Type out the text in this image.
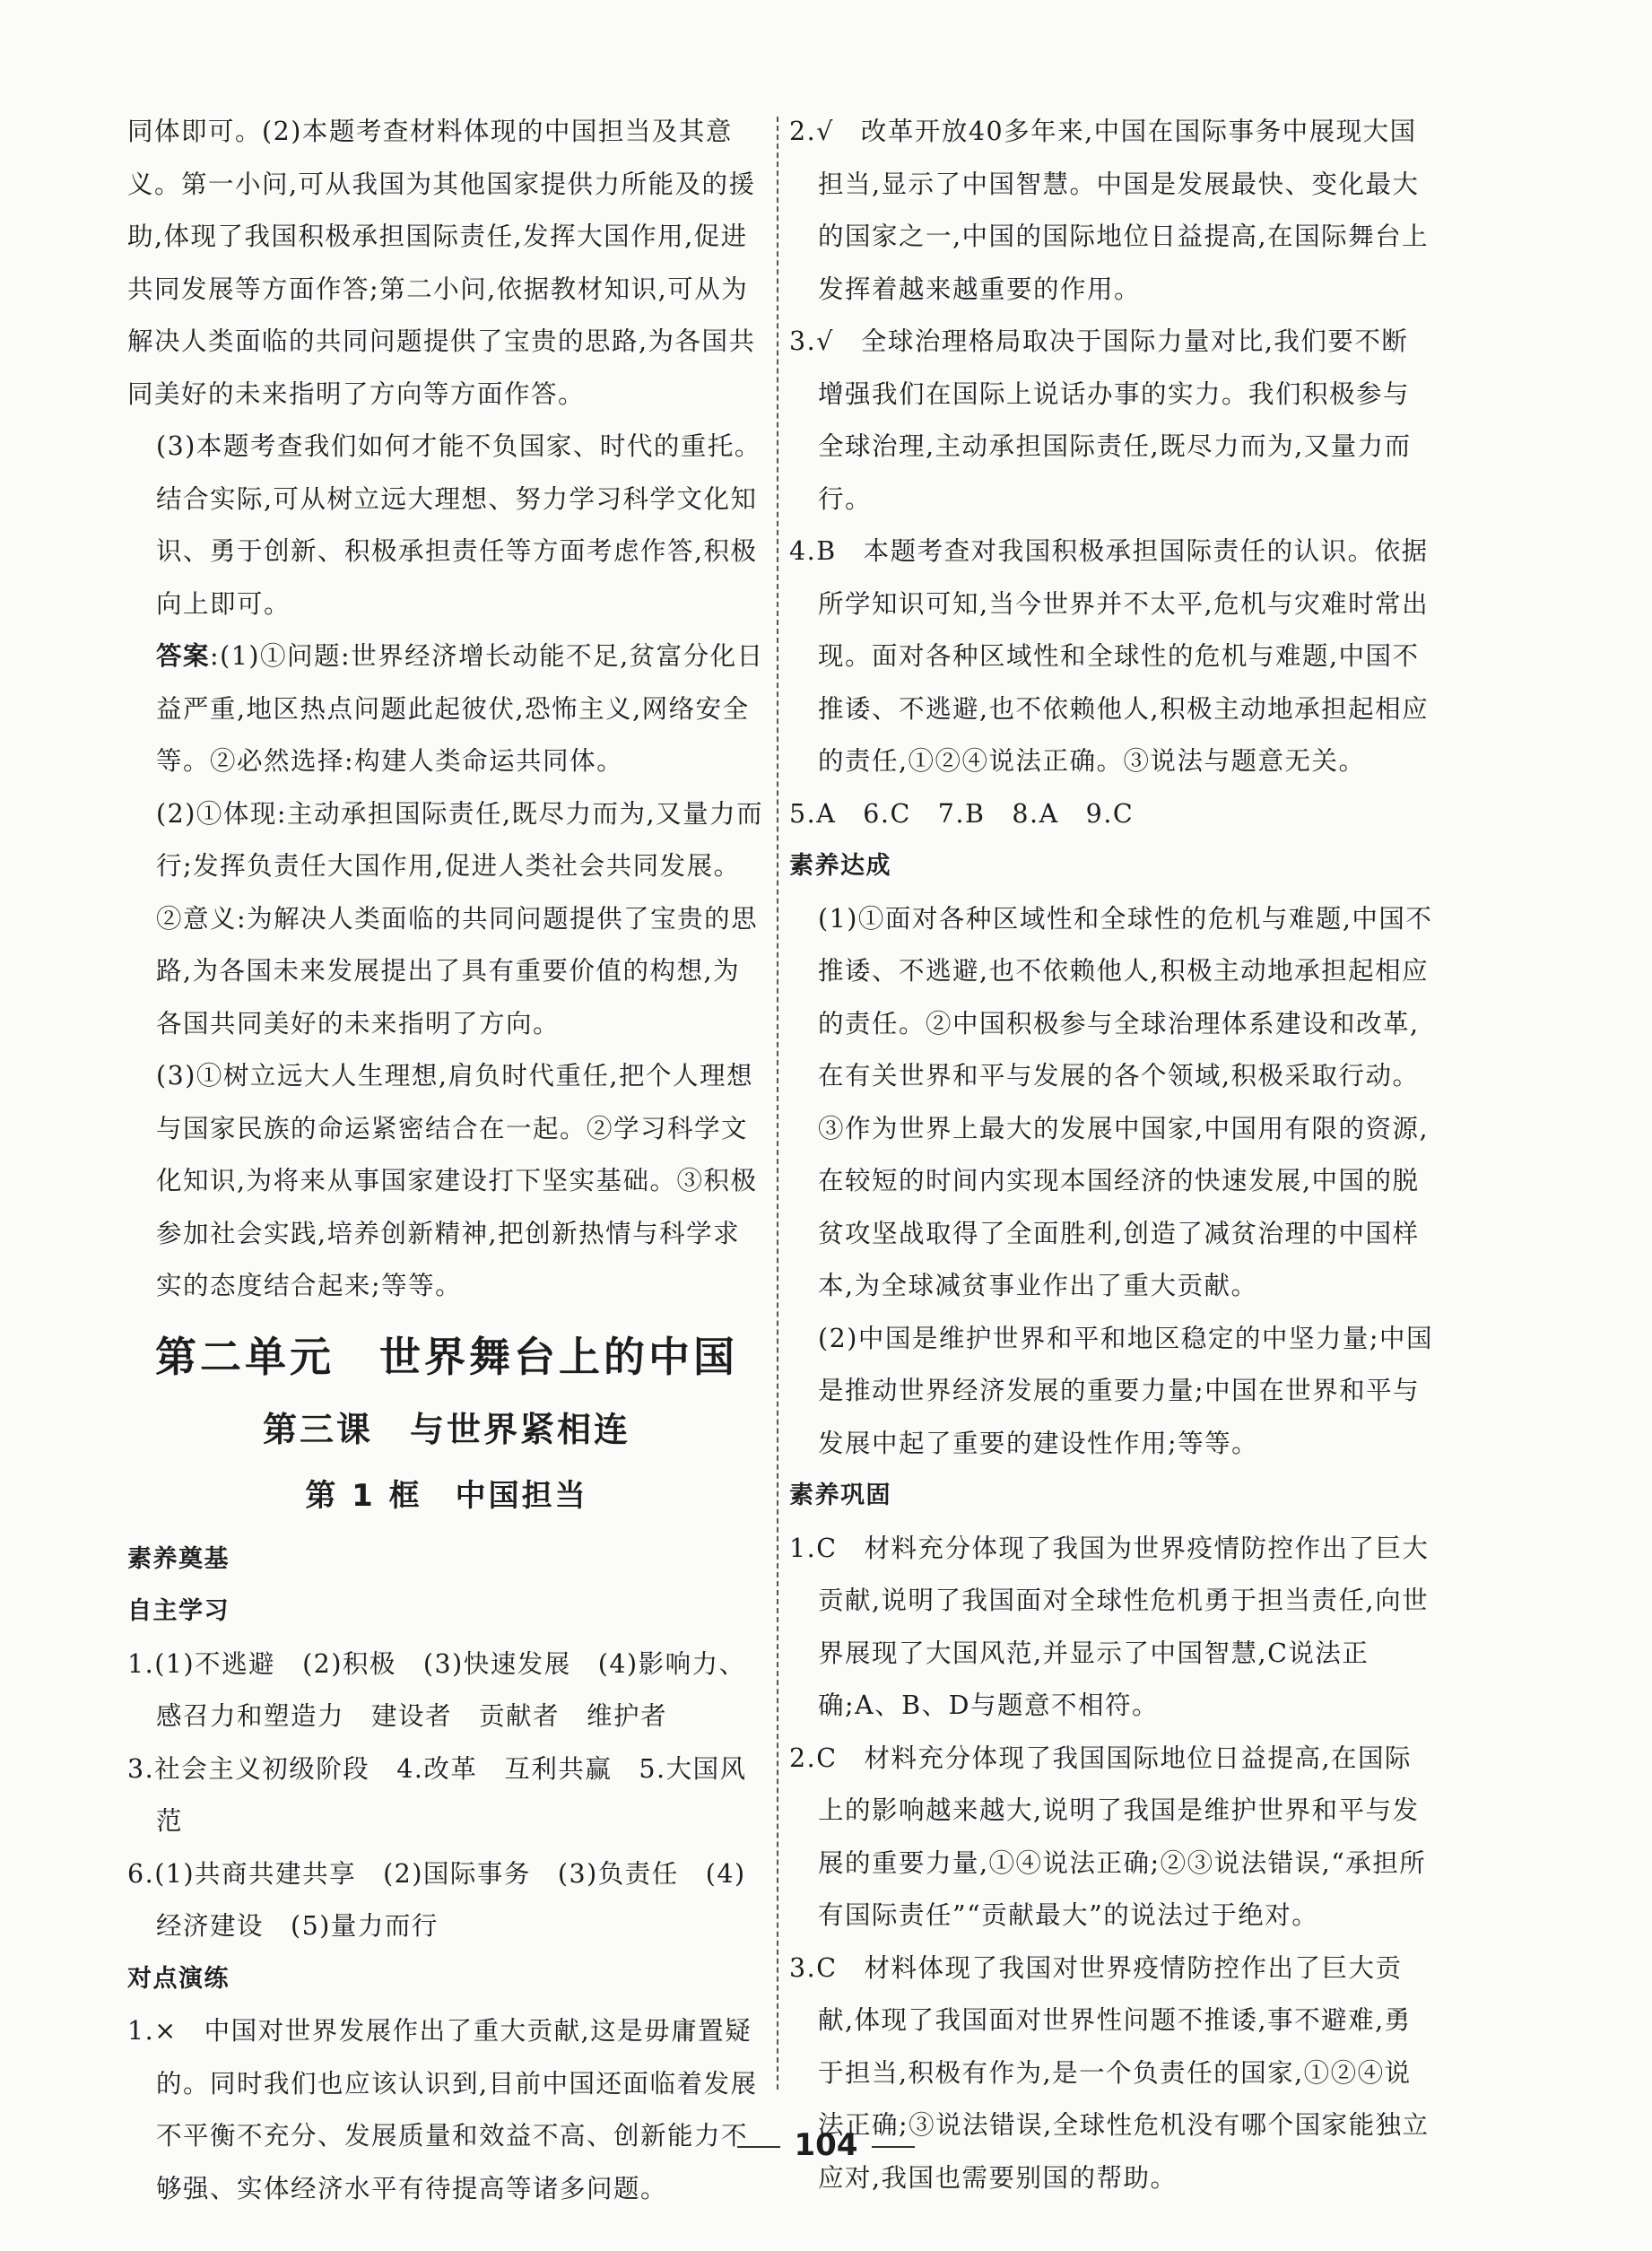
同体即可。(2)本题考查材料体现的中国担当及其意义。第一小问,可从我国为其他国家提供力所能及的援助,体现了我国积极承担国际责任,发挥大国作用,促进共同发展等方面作答;第二小问,依据教材知识,可从为解决人类面临的共同问题提供了宝贵的思路,为各国共同美好的未来指明了方向等方面作答。

(3)本题考查我们如何才能不负国家、时代的重托。结合实际,可从树立远大理想、努力学习科学文化知识、勇于创新、积极承担责任等方面考虑作答,积极向上即可。

答案:(1)①问题:世界经济增长动能不足,贫富分化日益严重,地区热点问题此起彼伏,恐怖主义,网络安全等。②必然选择:构建人类命运共同体。

(2)①体现:主动承担国际责任,既尽力而为,又量力而行;发挥负责任大国作用,促进人类社会共同发展。②意义:为解决人类面临的共同问题提供了宝贵的思路,为各国未来发展提出了具有重要价值的构想,为各国共同美好的未来指明了方向。

(3)①树立远大人生理想,肩负时代重任,把个人理想与国家民族的命运紧密结合在一起。②学习科学文化知识,为将来从事国家建设打下坚实基础。③积极参加社会实践,培养创新精神,把创新热情与科学求实的态度结合起来;等等。

第二单元　世界舞台上的中国
第三课　与世界紧相连
第 1 框　中国担当

素养奠基

自主学习

1.(1)不逃避　(2)积极　(3)快速发展　(4)影响力、感召力和塑造力　建设者　贡献者　维护者

3.社会主义初级阶段　4.改革　互利共赢　5.大国风范

6.(1)共商共建共享　(2)国际事务　(3)负责任　(4)经济建设　(5)量力而行

对点演练

1.×　中国对世界发展作出了重大贡献,这是毋庸置疑的。同时我们也应该认识到,目前中国还面临着发展不平衡不充分、发展质量和效益不高、创新能力不够强、实体经济水平有待提高等诸多问题。

2.√　改革开放40多年来,中国在国际事务中展现大国担当,显示了中国智慧。中国是发展最快、变化最大的国家之一,中国的国际地位日益提高,在国际舞台上发挥着越来越重要的作用。

3.√　全球治理格局取决于国际力量对比,我们要不断增强我们在国际上说话办事的实力。我们积极参与全球治理,主动承担国际责任,既尽力而为,又量力而行。

4.B　本题考查对我国积极承担国际责任的认识。依据所学知识可知,当今世界并不太平,危机与灾难时常出现。面对各种区域性和全球性的危机与难题,中国不推诿、不逃避,也不依赖他人,积极主动地承担起相应的责任,①②④说法正确。③说法与题意无关。

5.A　6.C　7.B　8.A　9.C

素养达成

(1)①面对各种区域性和全球性的危机与难题,中国不推诿、不逃避,也不依赖他人,积极主动地承担起相应的责任。②中国积极参与全球治理体系建设和改革,在有关世界和平与发展的各个领域,积极采取行动。③作为世界上最大的发展中国家,中国用有限的资源,在较短的时间内实现本国经济的快速发展,中国的脱贫攻坚战取得了全面胜利,创造了减贫治理的中国样本,为全球减贫事业作出了重大贡献。

(2)中国是维护世界和平和地区稳定的中坚力量;中国是推动世界经济发展的重要力量;中国在世界和平与发展中起了重要的建设性作用;等等。

素养巩固

1.C　材料充分体现了我国为世界疫情防控作出了巨大贡献,说明了我国面对全球性危机勇于担当责任,向世界展现了大国风范,并显示了中国智慧,C说法正确;A、B、D与题意不相符。

2.C　材料充分体现了我国国际地位日益提高,在国际上的影响越来越大,说明了我国是维护世界和平与发展的重要力量,①④说法正确;②③说法错误,“承担所有国际责任”“贡献最大”的说法过于绝对。

3.C　材料体现了我国对世界疫情防控作出了巨大贡献,体现了我国面对世界性问题不推诿,事不避难,勇于担当,积极有作为,是一个负责任的国家,①②④说法正确;③说法错误,全球性危机没有哪个国家能独立应对,我国也需要别国的帮助。

104
